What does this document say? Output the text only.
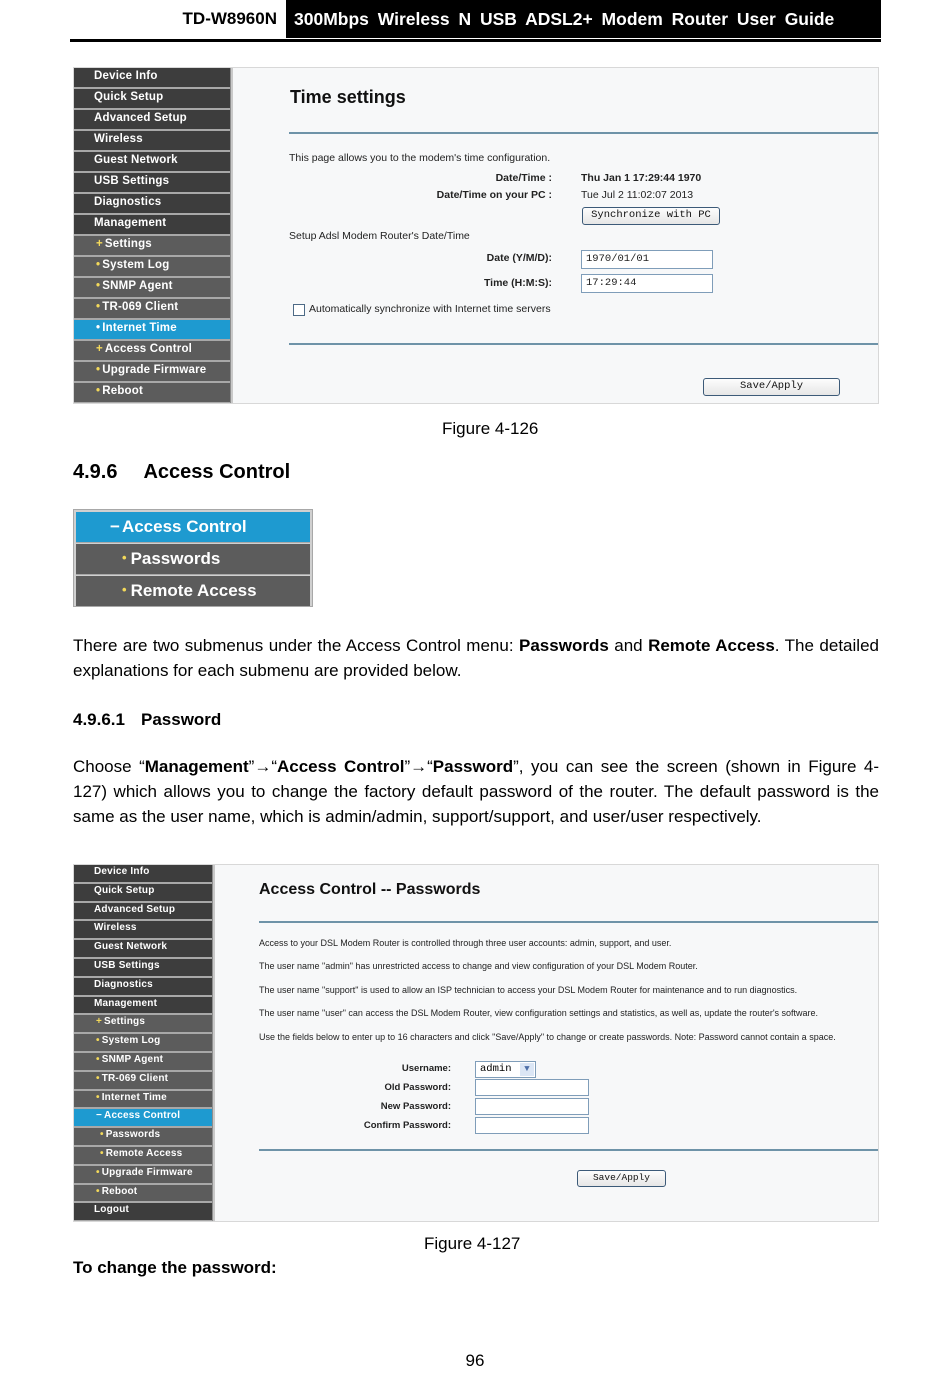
TD-W8960N 300Mbps Wireless N USB ADSL2+ Modem Router User Guide
Device Info
Quick Setup
Advanced Setup
Wireless
Guest Network
USB Settings
Diagnostics
Management
+ Settings
• System Log
• SNMP Agent
• TR-069 Client
• Internet Time
+ Access Control
• Upgrade Firmware
• Reboot
Time settings
This page allows you to the modem's time configuration.
Date/Time :	Thu Jan 1 17:29:44 1970
Date/Time on your PC :	Tue Jul 2 11:02:07 2013
Synchronize with PC
Setup Adsl Modem Router's Date/Time
Date (Y/M/D):	1970/01/01
Time (H:M:S):	17:29:44
Automatically synchronize with Internet time servers
Save/Apply
Figure 4-126
4.9.6 Access Control
− Access Control
• Passwords
• Remote Access
There are two submenus under the Access Control menu: Passwords and Remote Access. The detailed explanations for each submenu are provided below.
4.9.6.1 Password
Choose “Management”→“Access Control”→“Password”, you can see the screen (shown in Figure 4-127) which allows you to change the factory default password of the router. The default password is the same as the user name, which is admin/admin, support/support, and user/user respectively.
Device Info
Quick Setup
Advanced Setup
Wireless
Guest Network
USB Settings
Diagnostics
Management
+ Settings
• System Log
• SNMP Agent
• TR-069 Client
• Internet Time
− Access Control
• Passwords
• Remote Access
• Upgrade Firmware
• Reboot
Logout
Access Control -- Passwords
Access to your DSL Modem Router is controlled through three user accounts: admin, support, and user.
The user name "admin" has unrestricted access to change and view configuration of your DSL Modem Router.
The user name "support" is used to allow an ISP technician to access your DSL Modem Router for maintenance and to run diagnostics.
The user name "user" can access the DSL Modem Router, view configuration settings and statistics, as well as, update the router's software.
Use the fields below to enter up to 16 characters and click "Save/Apply" to change or create passwords. Note: Password cannot contain a space.
Username:	admin	▼
Old Password:
New Password:
Confirm Password:
Save/Apply
Figure 4-127
To change the password:
96
